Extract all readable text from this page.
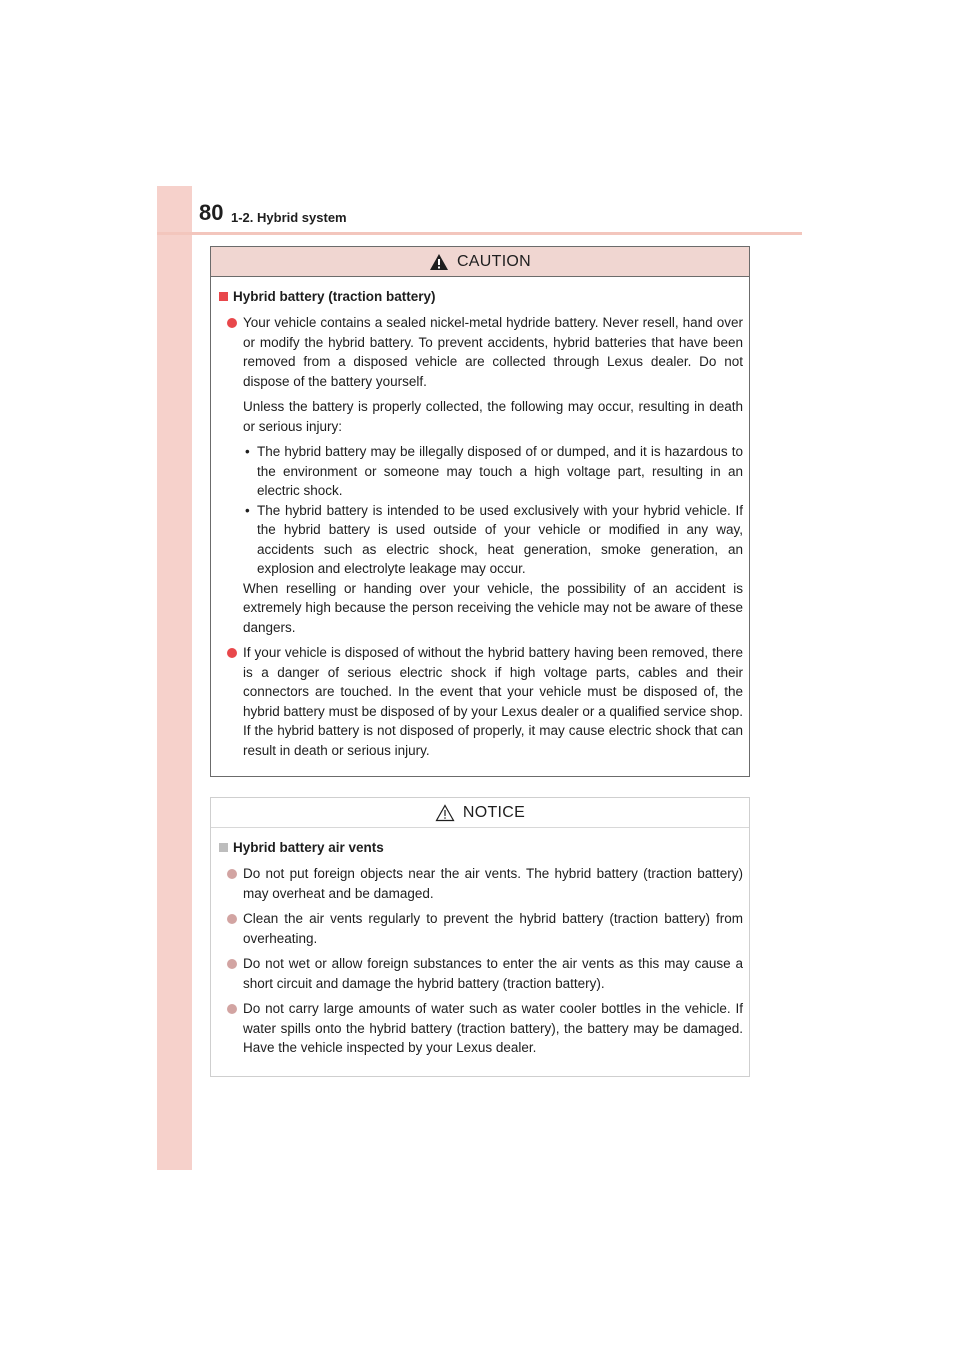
80 1-2. Hybrid system
CAUTION
Hybrid battery (traction battery)
Your vehicle contains a sealed nickel-metal hydride battery. Never resell, hand over or modify the hybrid battery. To prevent accidents, hybrid batteries that have been removed from a disposed vehicle are collected through Lexus dealer. Do not dispose of the battery yourself.
Unless the battery is properly collected, the following may occur, resulting in death or serious injury:
• The hybrid battery may be illegally disposed of or dumped, and it is hazardous to the environment or someone may touch a high voltage part, resulting in an electric shock.
• The hybrid battery is intended to be used exclusively with your hybrid vehicle. If the hybrid battery is used outside of your vehicle or modified in any way, accidents such as electric shock, heat generation, smoke generation, an explosion and electrolyte leakage may occur.
When reselling or handing over your vehicle, the possibility of an accident is extremely high because the person receiving the vehicle may not be aware of these dangers.
If your vehicle is disposed of without the hybrid battery having been removed, there is a danger of serious electric shock if high voltage parts, cables and their connectors are touched. In the event that your vehicle must be disposed of, the hybrid battery must be disposed of by your Lexus dealer or a qualified service shop. If the hybrid battery is not disposed of properly, it may cause electric shock that can result in death or serious injury.
NOTICE
Hybrid battery air vents
Do not put foreign objects near the air vents. The hybrid battery (traction battery) may overheat and be damaged.
Clean the air vents regularly to prevent the hybrid battery (traction battery) from overheating.
Do not wet or allow foreign substances to enter the air vents as this may cause a short circuit and damage the hybrid battery (traction battery).
Do not carry large amounts of water such as water cooler bottles in the vehicle. If water spills onto the hybrid battery (traction battery), the battery may be damaged. Have the vehicle inspected by your Lexus dealer.
